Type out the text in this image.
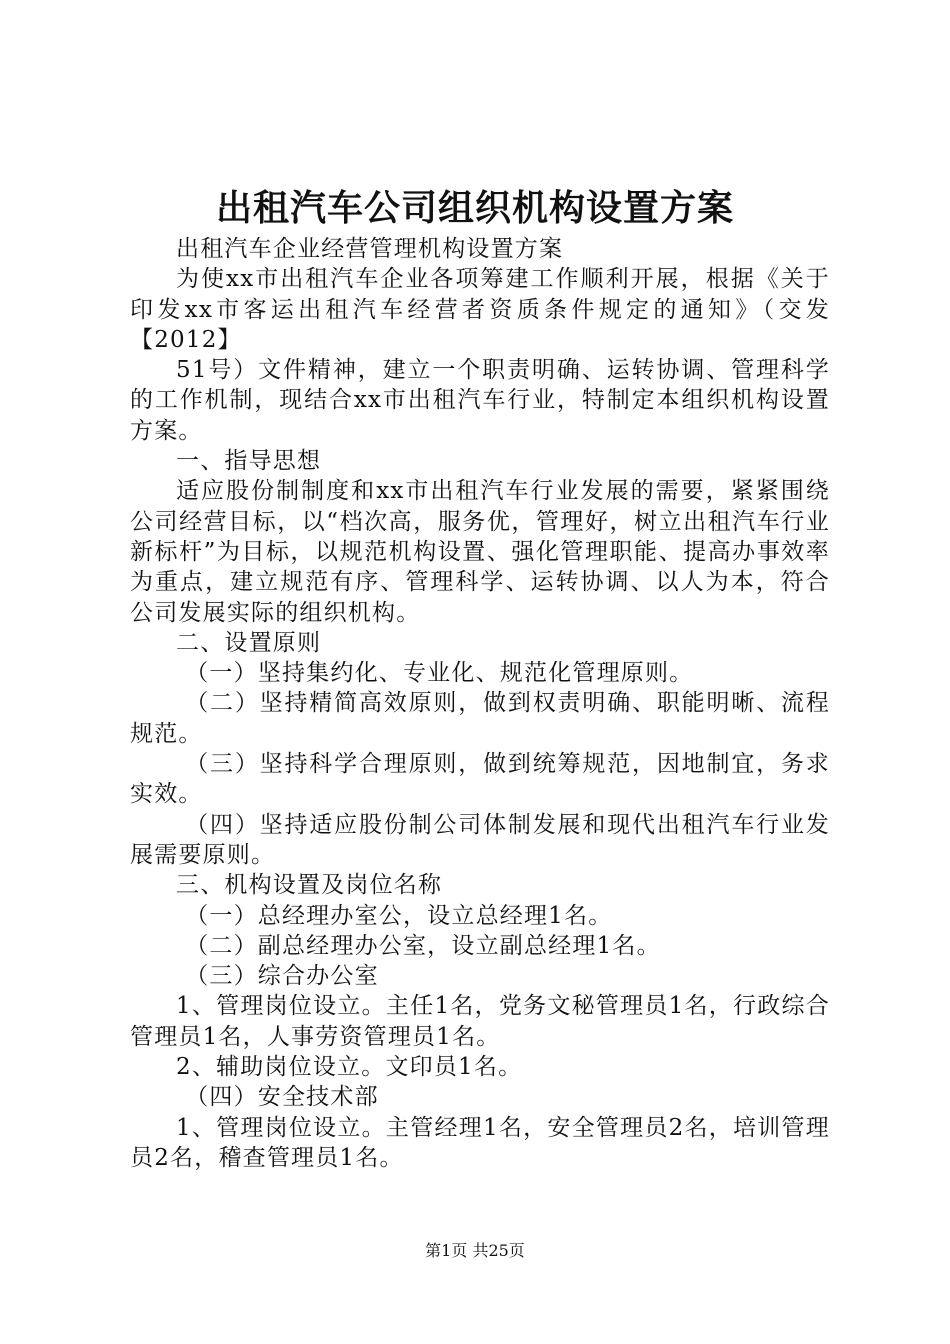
出租汽车公司组织机构设置方案

出租汽车企业经营管理机构设置方案

为使xx市出租汽车企业各项筹建工作顺利开展，根据《关于印发xx市客运出租汽车经营者资质条件规定的通知》（交发【2012】

51号）文件精神，建立一个职责明确、运转协调、管理科学的工作机制，现结合xx市出租汽车行业，特制定本组织机构设置方案。

一、指导思想

适应股份制制度和xx市出租汽车行业发展的需要，紧紧围绕公司经营目标，以“档次高，服务优，管理好，树立出租汽车行业新标杆”为目标，以规范机构设置、强化管理职能、提高办事效率为重点，建立规范有序、管理科学、运转协调、以人为本，符合公司发展实际的组织机构。

二、设置原则

（一）坚持集约化、专业化、规范化管理原则。

（二）坚持精简高效原则，做到权责明确、职能明晰、流程规范。

（三）坚持科学合理原则，做到统筹规范，因地制宜，务求实效。

（四）坚持适应股份制公司体制发展和现代出租汽车行业发展需要原则。

三、机构设置及岗位名称

（一）总经理办室公，设立总经理1名。

（二）副总经理办公室，设立副总经理1名。

（三）综合办公室

1、管理岗位设立。主任1名，党务文秘管理员1名，行政综合管理员1名，人事劳资管理员1名。

2、辅助岗位设立。文印员1名。

（四）安全技术部

1、管理岗位设立。主管经理1名，安全管理员2名，培训管理员2名，稽查管理员1名。

第1页 共25页
